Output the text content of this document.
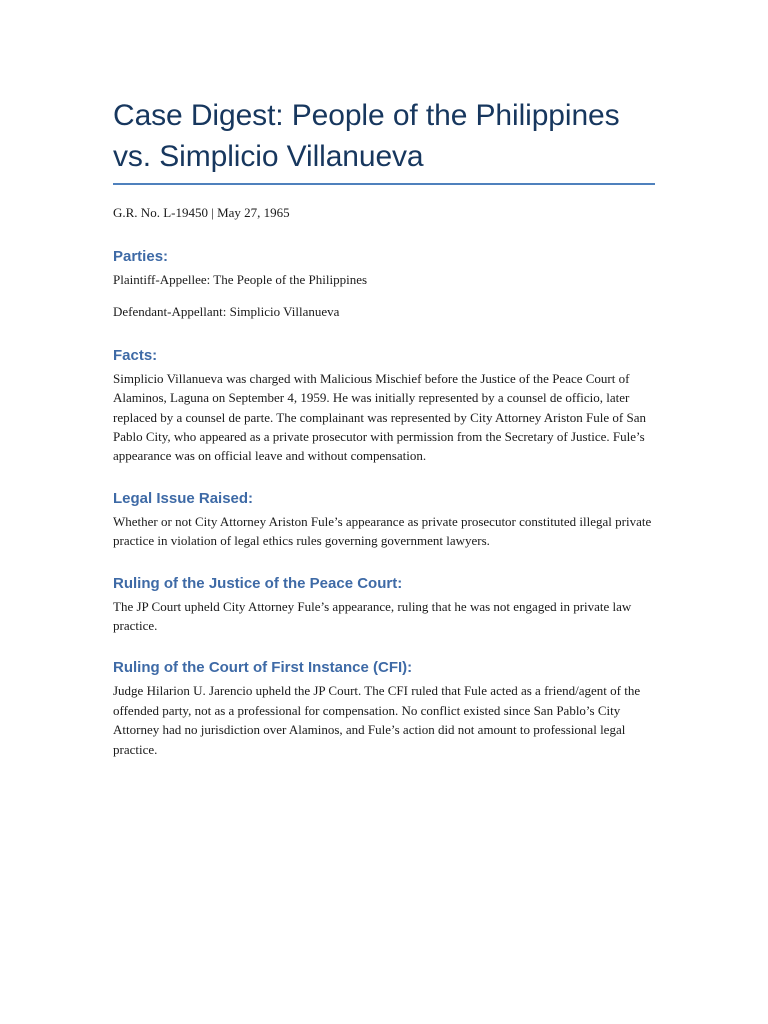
Case Digest: People of the Philippines vs. Simplicio Villanueva
G.R. No. L-19450 | May 27, 1965
Parties:

Plaintiff-Appellee: The People of the Philippines

Defendant-Appellant: Simplicio Villanueva

Facts:

Simplicio Villanueva was charged with Malicious Mischief before the Justice of the Peace Court of Alaminos, Laguna on September 4, 1959. He was initially represented by a counsel de officio, later replaced by a counsel de parte. The complainant was represented by City Attorney Ariston Fule of San Pablo City, who appeared as a private prosecutor with permission from the Secretary of Justice. Fule’s appearance was on official leave and without compensation.

Legal Issue Raised:

Whether or not City Attorney Ariston Fule’s appearance as private prosecutor constituted illegal private practice in violation of legal ethics rules governing government lawyers.

Ruling of the Justice of the Peace Court:

The JP Court upheld City Attorney Fule’s appearance, ruling that he was not engaged in private law practice.

Ruling of the Court of First Instance (CFI):

Judge Hilarion U. Jarencio upheld the JP Court. The CFI ruled that Fule acted as a friend/agent of the offended party, not as a professional for compensation. No conflict existed since San Pablo’s City Attorney had no jurisdiction over Alaminos, and Fule’s action did not amount to professional legal practice.
